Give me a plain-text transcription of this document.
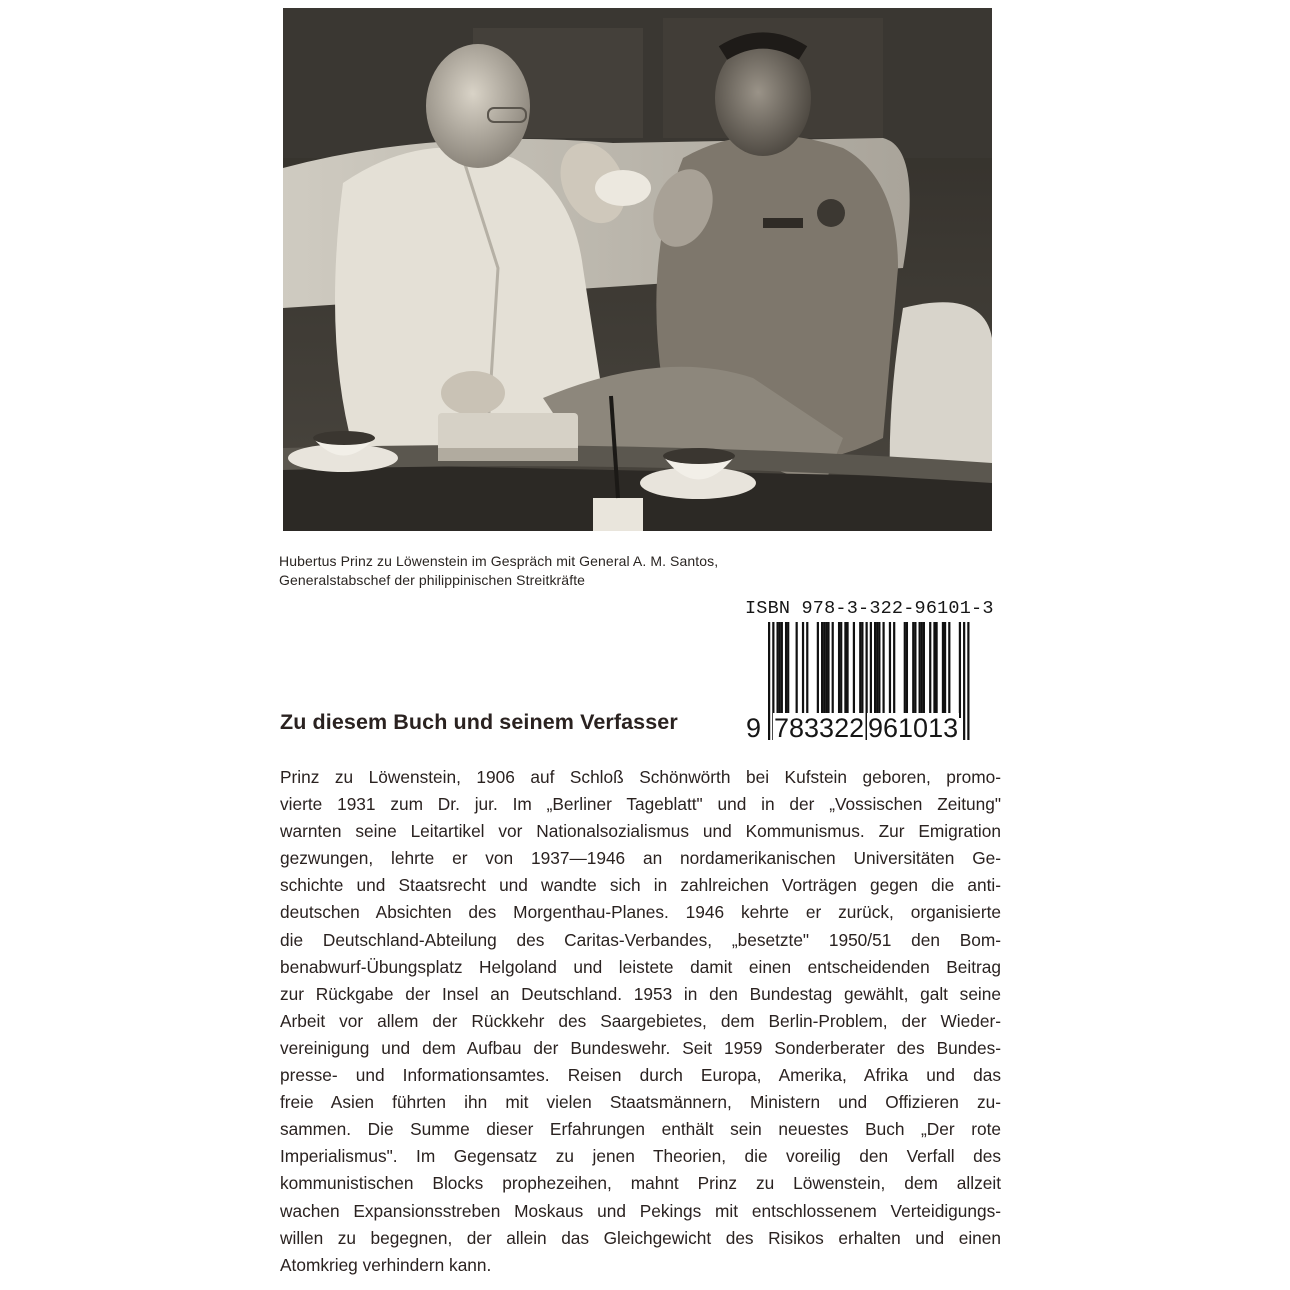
Hubertus Prinz zu Löwenstein im Gespräch mit General A. M. Santos,
Generalstabschef der philippinischen Streitkräfte
ISBN 978-3-322-96101-3
9 783322 961013
Zu diesem Buch und seinem Verfasser
Prinz zu Löwenstein, 1906 auf Schloß Schönwörth bei Kufstein geboren, promo-
vierte 1931 zum Dr. jur. Im „Berliner Tageblatt" und in der „Vossischen Zeitung"
warnten seine Leitartikel vor Nationalsozialismus und Kommunismus. Zur Emigration
gezwungen, lehrte er von 1937—1946 an nordamerikanischen Universitäten Ge-
schichte und Staatsrecht und wandte sich in zahlreichen Vorträgen gegen die anti-
deutschen Absichten des Morgenthau-Planes. 1946 kehrte er zurück, organisierte
die Deutschland-Abteilung des Caritas-Verbandes, „besetzte" 1950/51 den Bom-
benabwurf-Übungsplatz Helgoland und leistete damit einen entscheidenden Beitrag
zur Rückgabe der Insel an Deutschland. 1953 in den Bundestag gewählt, galt seine
Arbeit vor allem der Rückkehr des Saargebietes, dem Berlin-Problem, der Wieder-
vereinigung und dem Aufbau der Bundeswehr. Seit 1959 Sonderberater des Bundes-
presse- und Informationsamtes. Reisen durch Europa, Amerika, Afrika und das
freie Asien führten ihn mit vielen Staatsmännern, Ministern und Offizieren zu-
sammen. Die Summe dieser Erfahrungen enthält sein neuestes Buch „Der rote
Imperialismus". Im Gegensatz zu jenen Theorien, die voreilig den Verfall des
kommunistischen Blocks prophezeihen, mahnt Prinz zu Löwenstein, dem allzeit
wachen Expansionsstreben Moskaus und Pekings mit entschlossenem Verteidigungs-
willen zu begegnen, der allein das Gleichgewicht des Risikos erhalten und einen
Atomkrieg verhindern kann.
